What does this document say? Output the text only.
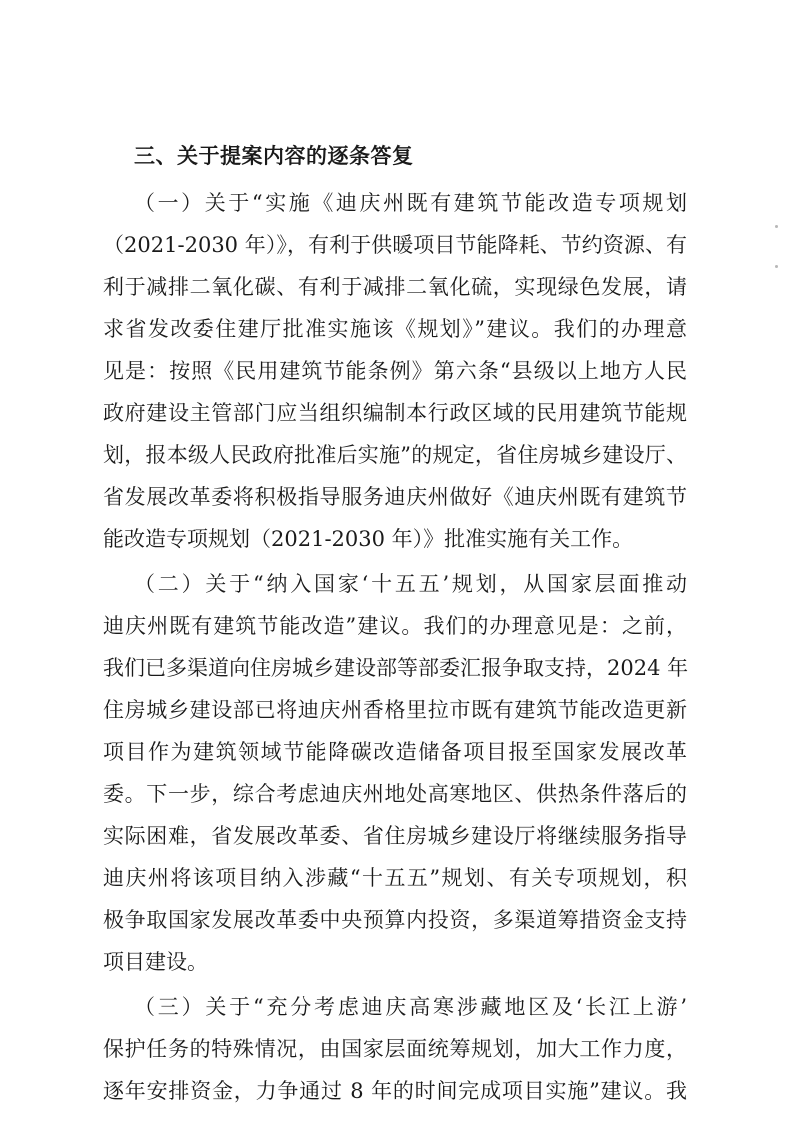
三、关于提案内容的逐条答复
（一）关于“实施《迪庆州既有建筑节能改造专项规划
（2021-2030 年）》，有利于供暖项目节能降耗、节约资源、有
利于减排二氧化碳、有利于减排二氧化硫，实现绿色发展，请
求省发改委住建厅批准实施该《规划》”建议。我们的办理意
见是：按照《民用建筑节能条例》第六条“县级以上地方人民
政府建设主管部门应当组织编制本行政区域的民用建筑节能规
划，报本级人民政府批准后实施”的规定，省住房城乡建设厅、
省发展改革委将积极指导服务迪庆州做好《迪庆州既有建筑节
能改造专项规划（2021-2030 年）》批准实施有关工作。
（二）关于“纳入国家‘十五五’规划，从国家层面推动
迪庆州既有建筑节能改造”建议。我们的办理意见是：之前，
我们已多渠道向住房城乡建设部等部委汇报争取支持，2024 年
住房城乡建设部已将迪庆州香格里拉市既有建筑节能改造更新
项目作为建筑领域节能降碳改造储备项目报至国家发展改革
委。下一步，综合考虑迪庆州地处高寒地区、供热条件落后的
实际困难，省发展改革委、省住房城乡建设厅将继续服务指导
迪庆州将该项目纳入涉藏“十五五”规划、有关专项规划，积
极争取国家发展改革委中央预算内投资，多渠道筹措资金支持
项目建设。
（三）关于“充分考虑迪庆高寒涉藏地区及‘长江上游’
保护任务的特殊情况，由国家层面统筹规划，加大工作力度，
逐年安排资金，力争通过 8 年的时间完成项目实施”建议。我
